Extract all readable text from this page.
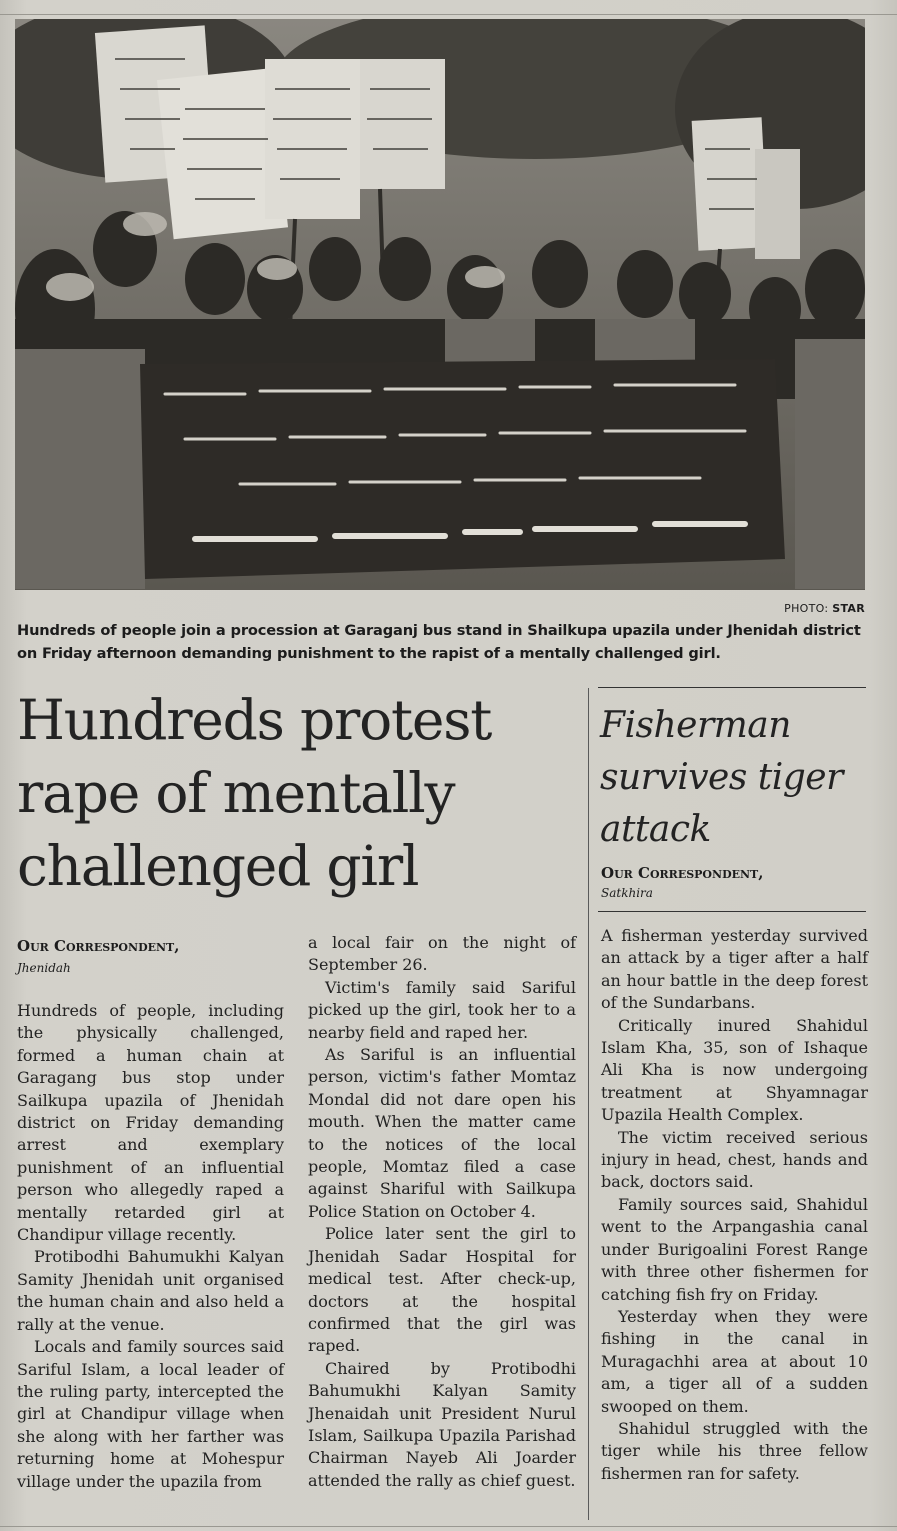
PHOTO: STAR
Hundreds of people join a procession at Garaganj bus stand in Shailkupa upazila under Jhenidah district on Friday afternoon demanding punishment to the rapist of a mentally challenged girl.
Hundreds protest rape of mentally challenged girl
Our Correspondent,
Jhenidah

Hundreds of people, including the physically challenged, formed a human chain at Garagang bus stop under Sailkupa upazila of Jhenidah district on Friday demanding arrest and exemplary punishment of an influential person who allegedly raped a mentally retarded girl at Chandipur village recently.

Protibodhi Bahumukhi Kalyan Samity Jhenidah unit organised the human chain and also held a rally at the venue.

Locals and family sources said Sariful Islam, a local leader of the ruling party, intercepted the girl at Chandipur village when she along with her farther was returning home at Mohespur village under the upazila from

a local fair on the night of September 26.

Victim's family said Sariful picked up the girl, took her to a nearby field and raped her.

As Sariful is an influential person, victim's father Momtaz Mondal did not dare open his mouth. When the matter came to the notices of the local people, Momtaz filed a case against Shariful with Sailkupa Police Station on October 4.

Police later sent the girl to Jhenidah Sadar Hospital for medical test. After check-up, doctors at the hospital confirmed that the girl was raped.

Chaired by Protibodhi Bahumukhi Kalyan Samity Jhenaidah unit President Nurul Islam, Sailkupa Upazila Parishad Chairman Nayeb Ali Joarder attended the rally as chief guest.

Fisherman survives tiger attack
Our Correspondent,
Satkhira

A fisherman yesterday survived an attack by a tiger after a half an hour battle in the deep forest of the Sundarbans.

Critically inured Shahidul Islam Kha, 35, son of Ishaque Ali Kha is now undergoing treatment at Shyamnagar Upazila Health Complex.

The victim received serious injury in head, chest, hands and back, doctors said.

Family sources said, Shahidul went to the Arpangashia canal under Burigoalini Forest Range with three other fishermen for catching fish fry on Friday.

Yesterday when they were fishing in the canal in Muragachhi area at about 10 am, a tiger all of a sudden swooped on them.

Shahidul struggled with the tiger while his three fellow fishermen ran for safety.
